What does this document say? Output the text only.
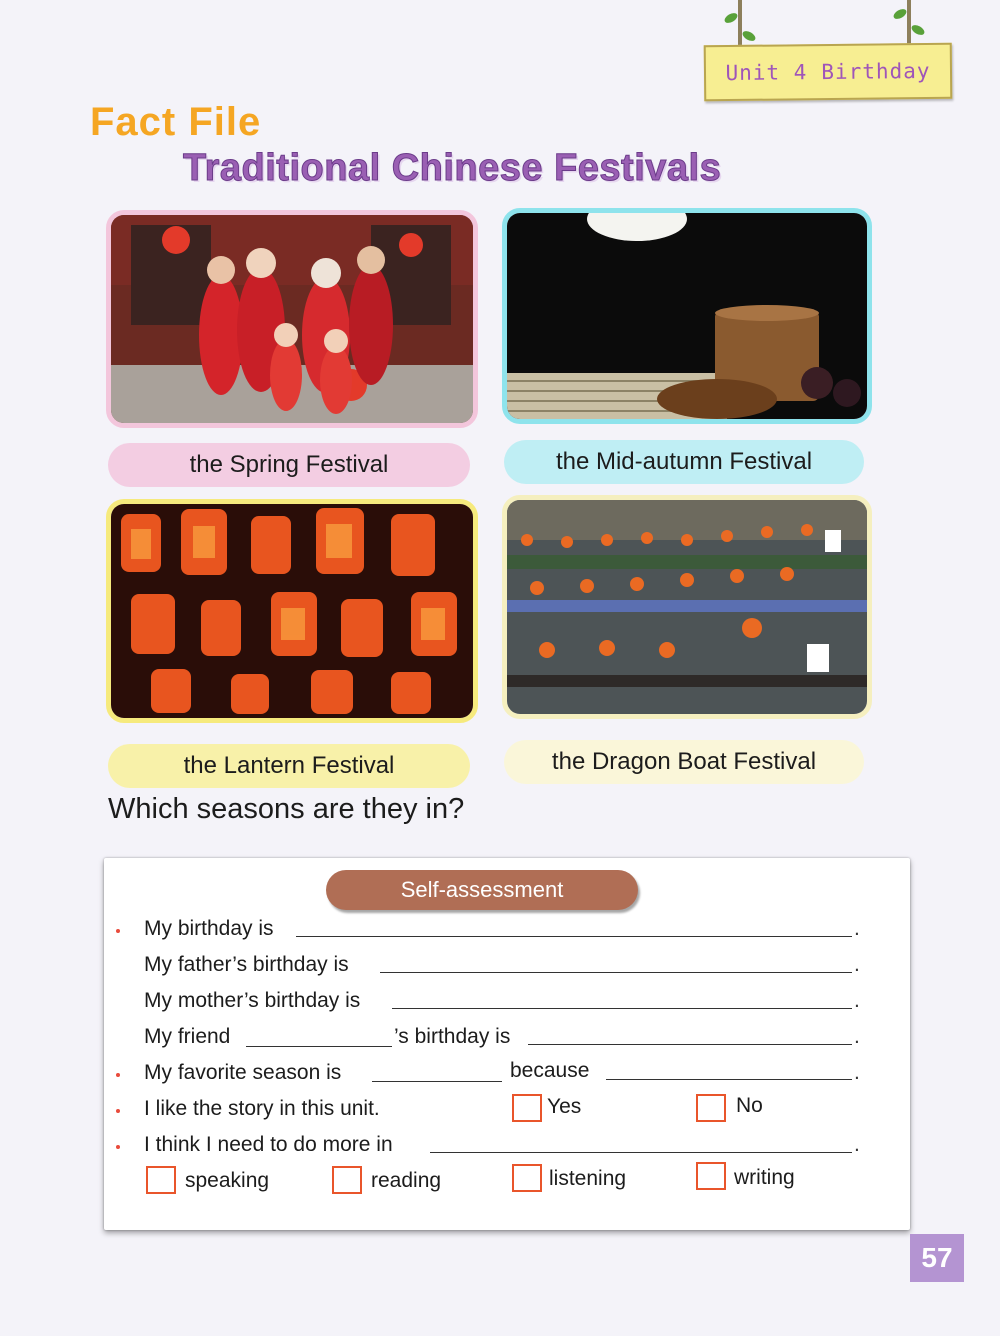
Unit 4 Birthday
Fact File
Traditional Chinese Festivals
the Spring Festival	the Mid-autumn Festival
the Lantern Festival	the Dragon Boat Festival
Which seasons are they in?
Self-assessment
My birthday is	.
My father’s birthday is	.
My mother’s birthday is	.
My friend	’s birthday is	.
My favorite season is	because	.
I like the story in this unit.	Yes	No
I think I need to do more in	.
speaking	reading	listening	writing
57
